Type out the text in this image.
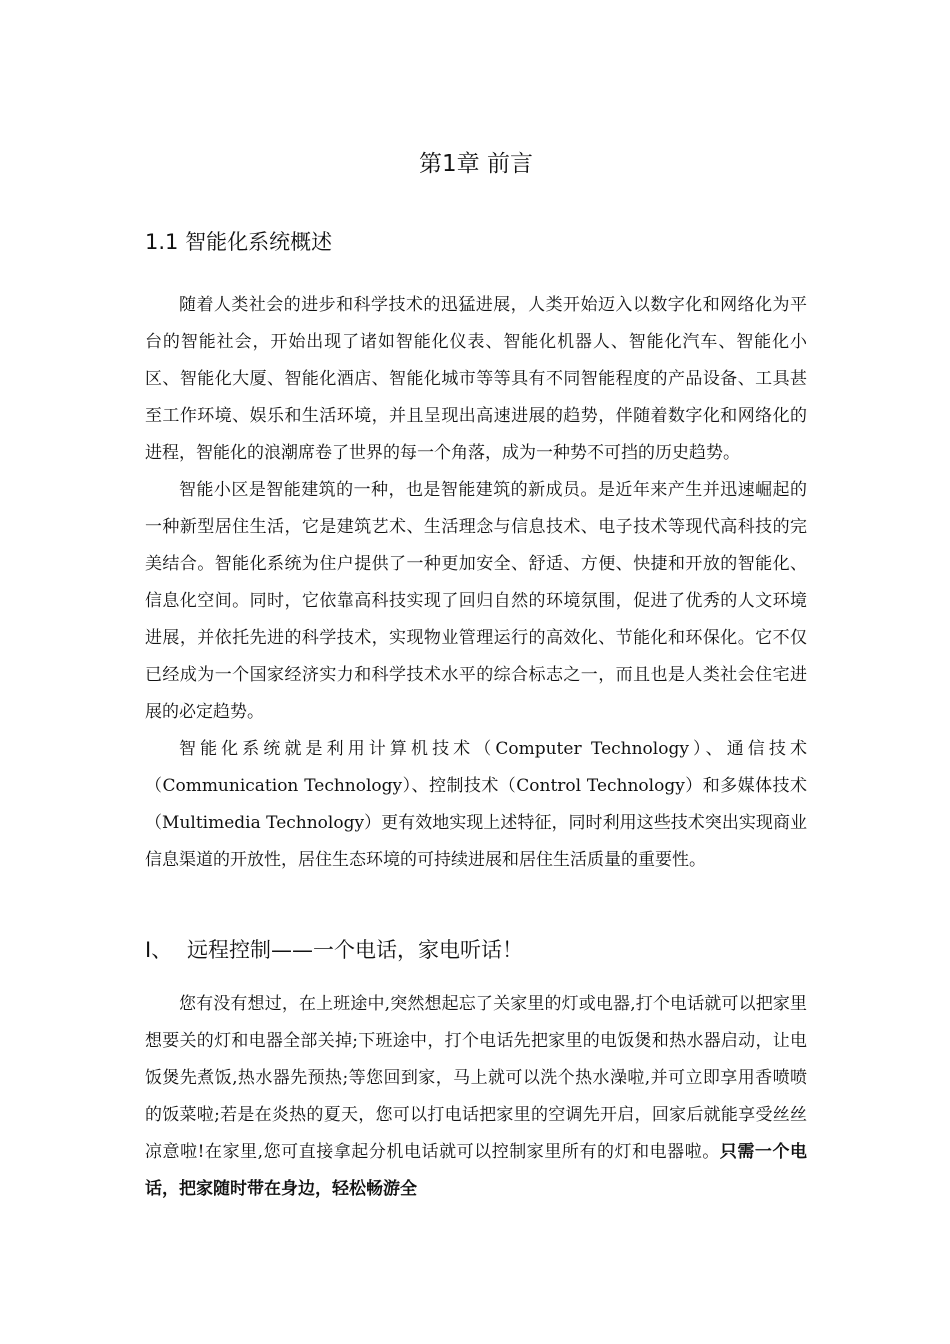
第1章 前言
1.1 智能化系统概述

随着人类社会的进步和科学技术的迅猛进展，人类开始迈入以数字化和网络化为平台的智能社会，开始出现了诸如智能化仪表、智能化机器人、智能化汽车、智能化小区、智能化大厦、智能化酒店、智能化城市等等具有不同智能程度的产品设备、工具甚至工作环境、娱乐和生活环境，并且呈现出高速进展的趋势，伴随着数字化和网络化的进程，智能化的浪潮席卷了世界的每一个角落，成为一种势不可挡的历史趋势。

智能小区是智能建筑的一种，也是智能建筑的新成员。是近年来产生并迅速崛起的一种新型居住生活，它是建筑艺术、生活理念与信息技术、电子技术等现代高科技的完美结合。智能化系统为住户提供了一种更加安全、舒适、方便、快捷和开放的智能化、信息化空间。同时，它依靠高科技实现了回归自然的环境氛围，促进了优秀的人文环境进展，并依托先进的科学技术，实现物业管理运行的高效化、节能化和环保化。它不仅已经成为一个国家经济实力和科学技术水平的综合标志之一，而且也是人类社会住宅进展的必定趋势。

智能化系统就是利用计算机技术（Computer Technology）、通信技术（Communication Technology）、控制技术（Control Technology）和多媒体技术（Multimedia Technology）更有效地实现上述特征，同时利用这些技术突出实现商业信息渠道的开放性，居住生态环境的可持续进展和居住生活质量的重要性。

I、 远程控制——一个电话，家电听话！

您有没有想过，在上班途中,突然想起忘了关家里的灯或电器,打个电话就可以把家里想要关的灯和电器全部关掉;下班途中，打个电话先把家里的电饭煲和热水器启动，让电饭煲先煮饭,热水器先预热;等您回到家，马上就可以洗个热水澡啦,并可立即享用香喷喷的饭菜啦;若是在炎热的夏天，您可以打电话把家里的空调先开启，回家后就能享受丝丝凉意啦!在家里,您可直接拿起分机电话就可以控制家里所有的灯和电器啦。只需一个电话，把家随时带在身边，轻松畅游全
